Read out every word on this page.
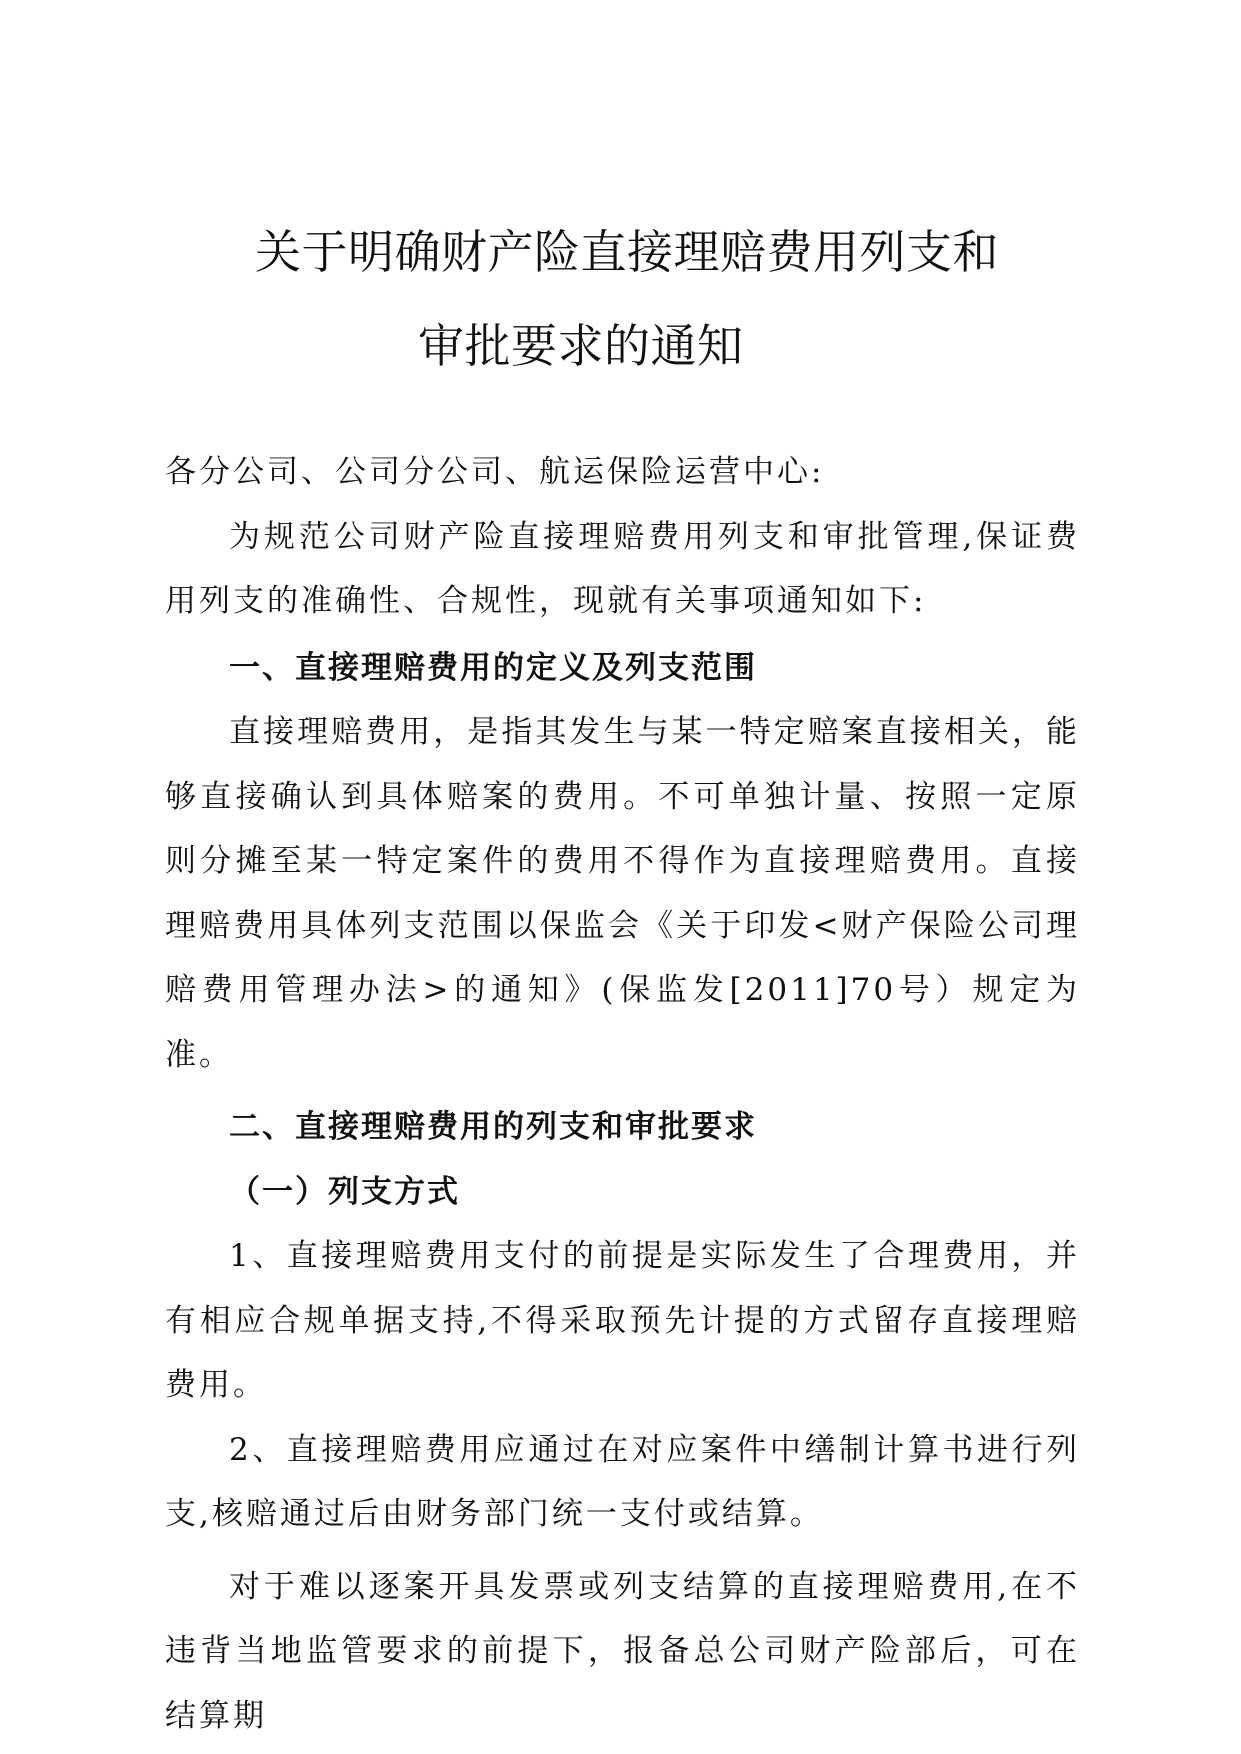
关于明确财产险直接理赔费用列支和
审批要求的通知

各分公司、公司分公司、航运保险运营中心:

为规范公司财产险直接理赔费用列支和审批管理,保证费用列支的准确性、合规性，现就有关事项通知如下:

一、直接理赔费用的定义及列支范围

直接理赔费用，是指其发生与某一特定赔案直接相关，能够直接确认到具体赔案的费用。不可单独计量、按照一定原则分摊至某一特定案件的费用不得作为直接理赔费用。直接理赔费用具体列支范围以保监会《关于印发<财产保险公司理赔费用管理办法>的通知》(保监发[2011]70号）规定为准。

二、直接理赔费用的列支和审批要求

（一）列支方式

1、直接理赔费用支付的前提是实际发生了合理费用，并有相应合规单据支持,不得采取预先计提的方式留存直接理赔费用。

2、直接理赔费用应通过在对应案件中缮制计算书进行列支,核赔通过后由财务部门统一支付或结算。

对于难以逐案开具发票或列支结算的直接理赔费用,在不违背当地监管要求的前提下，报备总公司财产险部后，可在结算期
